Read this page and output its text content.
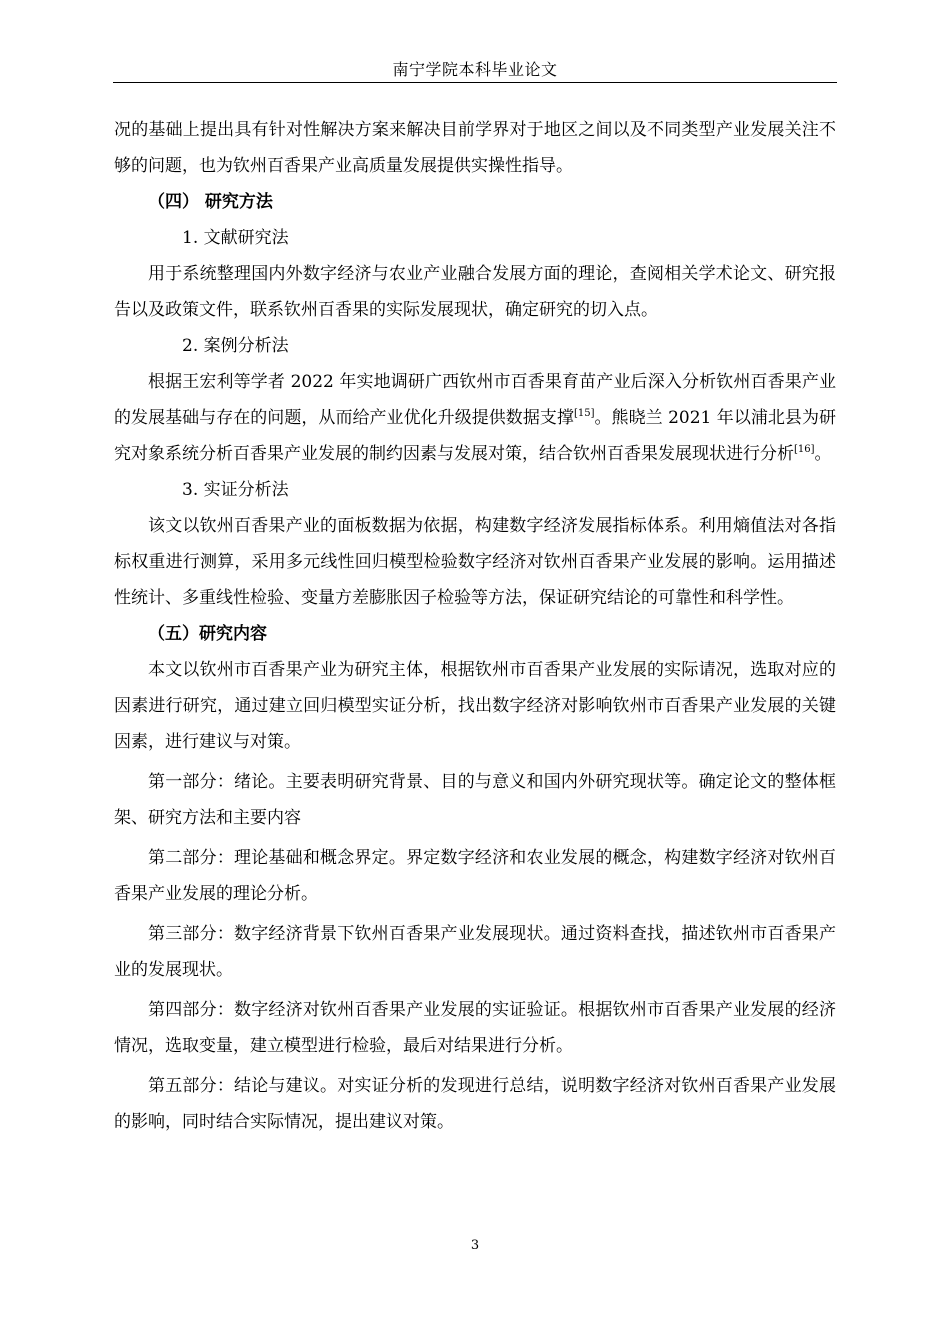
南宁学院本科毕业论文

况的基础上提出具有针对性解决方案来解决目前学界对于地区之间以及不同类型产业发展关注不够的问题，也为钦州百香果产业高质量发展提供实操性指导。

（四） 研究方法

1. 文献研究法

用于系统整理国内外数字经济与农业产业融合发展方面的理论，查阅相关学术论文、研究报告以及政策文件，联系钦州百香果的实际发展现状，确定研究的切入点。

2. 案例分析法

根据王宏利等学者 2022 年实地调研广西钦州市百香果育苗产业后深入分析钦州百香果产业的发展基础与存在的问题，从而给产业优化升级提供数据支撑[15]。熊晓兰 2021 年以浦北县为研究对象系统分析百香果产业发展的制约因素与发展对策，结合钦州百香果发展现状进行分析[16]。

3. 实证分析法

该文以钦州百香果产业的面板数据为依据，构建数字经济发展指标体系。利用熵值法对各指标权重进行测算，采用多元线性回归模型检验数字经济对钦州百香果产业发展的影响。运用描述性统计、多重线性检验、变量方差膨胀因子检验等方法，保证研究结论的可靠性和科学性。

（五）研究内容

本文以钦州市百香果产业为研究主体，根据钦州市百香果产业发展的实际请况，选取对应的因素进行研究，通过建立回归模型实证分析，找出数字经济对影响钦州市百香果产业发展的关键因素，进行建议与对策。

第一部分：绪论。主要表明研究背景、目的与意义和国内外研究现状等。确定论文的整体框架、研究方法和主要内容

第二部分：理论基础和概念界定。界定数字经济和农业发展的概念，构建数字经济对钦州百香果产业发展的理论分析。

第三部分：数字经济背景下钦州百香果产业发展现状。通过资料查找，描述钦州市百香果产业的发展现状。

第四部分：数字经济对钦州百香果产业发展的实证验证。根据钦州市百香果产业发展的经济情况，选取变量，建立模型进行检验，最后对结果进行分析。

第五部分：结论与建议。对实证分析的发现进行总结，说明数字经济对钦州百香果产业发展的影响，同时结合实际情况，提出建议对策。

3
